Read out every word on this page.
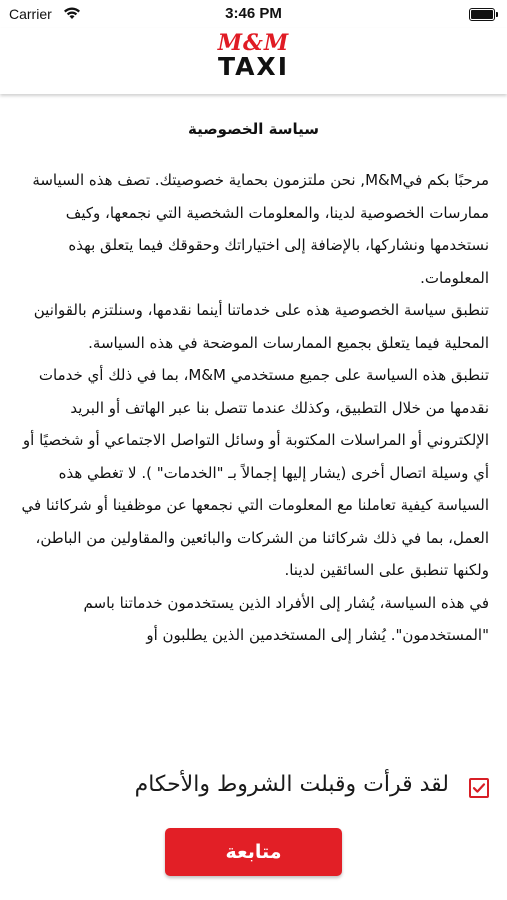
Carrier	3:46 PM
M&M
TAXI
سياسة الخصوصية

مرحبًا بكم فيM&M, نحن ملتزمون بحماية خصوصيتك. تصف هذه السياسة ممارسات الخصوصية لدينا، والمعلومات الشخصية التي نجمعها، وكيف نستخدمها ونشاركها، بالإضافة إلى اختياراتك وحقوقك فيما يتعلق بهذه المعلومات.

تنطبق سياسة الخصوصية هذه على خدماتنا أينما نقدمها، وسنلتزم بالقوانين المحلية فيما يتعلق بجميع الممارسات الموضحة في هذه السياسة.

تنطبق هذه السياسة على جميع مستخدمي M&M، بما في ذلك أي خدمات نقدمها من خلال التطبيق، وكذلك عندما تتصل بنا عبر الهاتف أو البريد الإلكتروني أو المراسلات المكتوبة أو وسائل التواصل الاجتماعي أو شخصيًا أو أي وسيلة اتصال أخرى (يشار إليها إجمالاً بـ "الخدمات" ). لا تغطي هذه السياسة كيفية تعاملنا مع المعلومات التي نجمعها عن موظفينا أو شركائنا في العمل، بما في ذلك شركائنا من الشركات والبائعين والمقاولين من الباطن، ولكنها تنطبق على السائقين لدينا.

في هذه السياسة، يُشار إلى الأفراد الذين يستخدمون خدماتنا باسم "المستخدمون". يُشار إلى المستخدمين الذين يطلبون أو

لقد قرأت وقبلت الشروط والأحكام
متابعة
